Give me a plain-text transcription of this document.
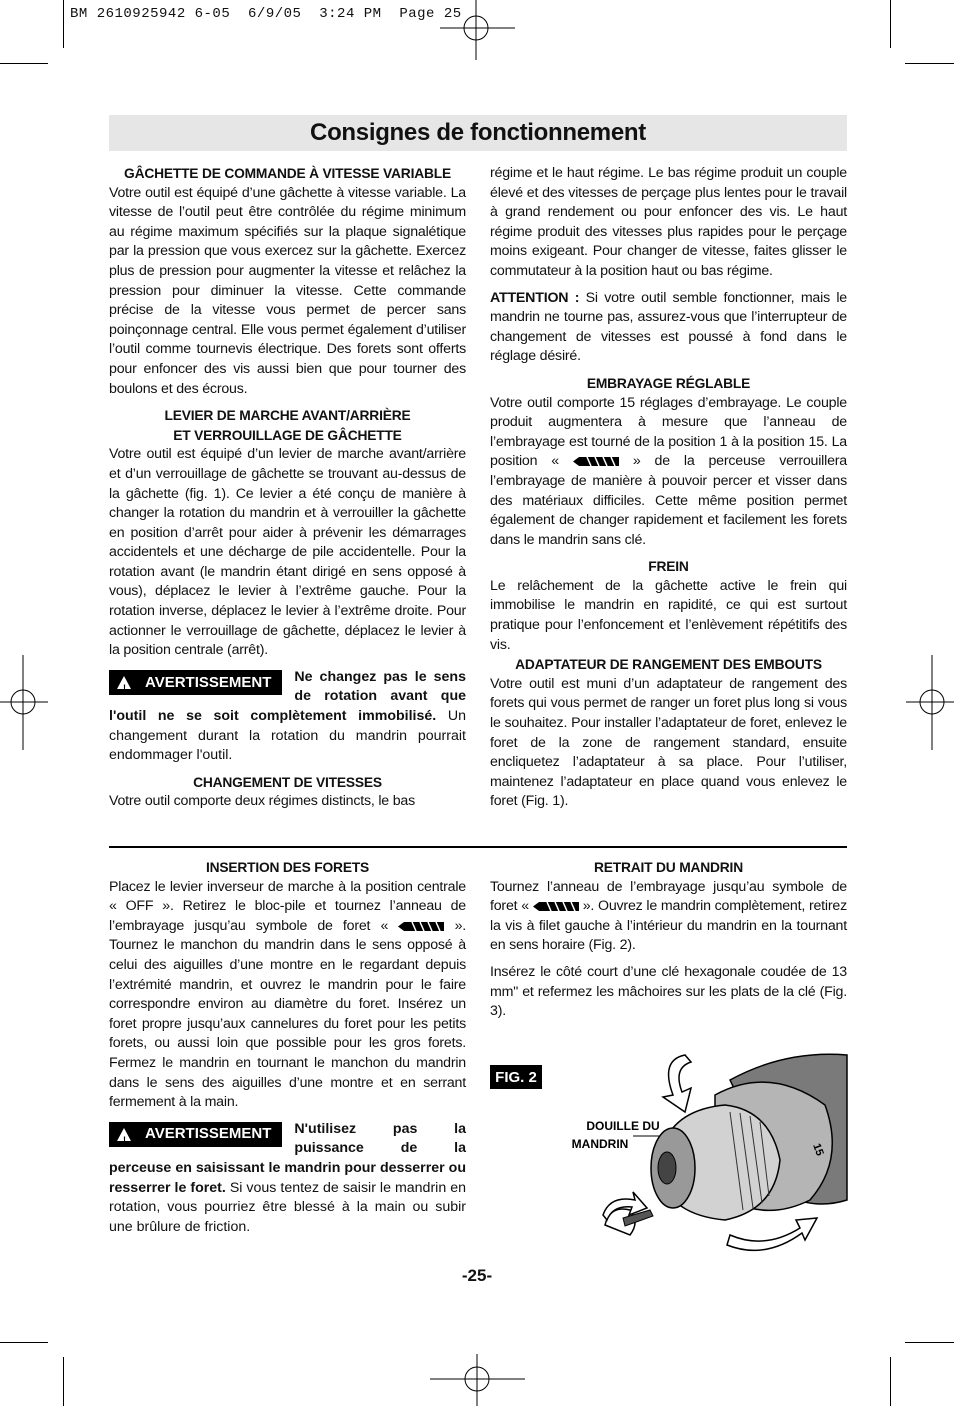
BM 2610925942 6-05  6/9/05  3:24 PM  Page 25
Consignes de fonctionnement
GÂCHETTE DE COMMANDE À VITESSE VARIABLE

Votre outil est équipé d’une gâchette à vitesse variable. La vitesse de l’outil peut être contrôlée du régime minimum au régime maximum spécifiés sur la plaque signalétique par la pression que vous exercez sur la gâchette. Exercez plus de pression pour augmenter la vitesse et relâchez la pression pour diminuer la vitesse. Cette commande précise de la vitesse vous permet de percer sans poinçonnage central. Elle vous permet également d’utiliser l’outil comme tournevis électrique. Des forets sont offerts pour enfoncer des vis aussi bien que pour tourner des boulons et des écrous.

LEVIER DE MARCHE AVANT/ARRIÈRE
ET VERROUILLAGE DE GÂCHETTE

Votre outil est équipé d’un levier de marche avant/arrière et d’un verrouillage de gâchette se trouvant au-dessus de la gâchette (fig. 1). Ce levier a été conçu de manière à changer la rotation du mandrin et à verrouiller la gâchette en position d’arrêt pour aider à prévenir les démarrages accidentels et une décharge de pile accidentelle. Pour la rotation avant (le mandrin étant dirigé en sens opposé à vous), déplacez le levier à l’extrême gauche. Pour la rotation inverse, déplacez le levier à l’extrême droite. Pour actionner le verrouillage de gâchette, déplacez le levier à la position centrale (arrêt).

! AVERTISSEMENT Ne changez pas le sens de rotation avant que l'outil ne se soit complètement immobilisé. Un changement durant la rotation du mandrin pourrait endommager l'outil.

CHANGEMENT DE VITESSES

Votre outil comporte deux régimes distincts, le bas

régime et le haut régime. Le bas régime produit un couple élevé et des vitesses de perçage plus lentes pour le travail à grand rendement ou pour enfoncer des vis. Le haut régime produit des vitesses plus rapides pour le perçage moins exigeant. Pour changer de vitesse, faites glisser le commutateur à la position haut ou bas régime.

ATTENTION : Si votre outil semble fonctionner, mais le mandrin ne tourne pas, assurez-vous que l’interrupteur de changement de vitesses est poussé à fond dans le réglage désiré.

EMBRAYAGE RÉGLABLE

Votre outil comporte 15 réglages d’embrayage. Le couple produit augmentera à mesure que l’anneau de l’embrayage est tourné de la position 1 à la position 15. La position «	» de la perceuse verrouillera l’embrayage de manière à pouvoir percer et visser dans des matériaux difficiles. Cette même position permet également de changer rapidement et facilement les forets dans le mandrin sans clé.

FREIN

Le relâchement de la gâchette active le frein qui immobilise le mandrin en rapidité, ce qui est surtout pratique pour l’enfoncement et l’enlèvement répétitifs des vis.

ADAPTATEUR DE RANGEMENT DES EMBOUTS

Votre outil est muni d’un adaptateur de rangement des forets qui vous permet de ranger un foret plus long si vous le souhaitez. Pour installer l’adaptateur de foret, enlevez le foret de la zone de rangement standard, ensuite encliquetez l’adaptateur à sa place. Pour l’utiliser, maintenez l’adaptateur en place quand vous enlevez le foret (Fig. 1).

INSERTION DES FORETS

Placez le levier inverseur de marche à la position centrale « OFF ». Retirez le bloc-pile et tournez l’anneau de l’embrayage jusqu’au symbole de foret «	». Tournez le manchon du mandrin dans le sens opposé à celui des aiguilles d’une montre en le regardant depuis l’extrémité mandrin, et ouvrez le mandrin pour le faire correspondre environ au diamètre du foret. Insérez un foret propre jusqu’aux cannelures du foret pour les petits forets, ou aussi loin que possible pour les gros forets. Fermez le mandrin en tournant le manchon du mandrin dans le sens des aiguilles d’une montre et en serrant fermement à la main.

! AVERTISSEMENT N'utilisez pas la puissance de la perceuse en saisissant le mandrin pour desserrer ou resserrer le foret. Si vous tentez de saisir le mandrin en rotation, vous pourriez être blessé à la main ou subir une brûlure de friction.

RETRAIT DU MANDRIN

Tournez l’anneau de l’embrayage jusqu’au symbole de foret «	». Ouvrez le mandrin complètement, retirez la vis à filet gauche à l’intérieur du mandrin en la tournant en sens horaire (Fig. 2).

Insérez le côté court d’une clé hexagonale coudée de 13 mm" et refermez les mâchoires sur les plats de la clé (Fig. 3).

FIG. 2
DOUILLE DU
MANDRIN	15
-25-
